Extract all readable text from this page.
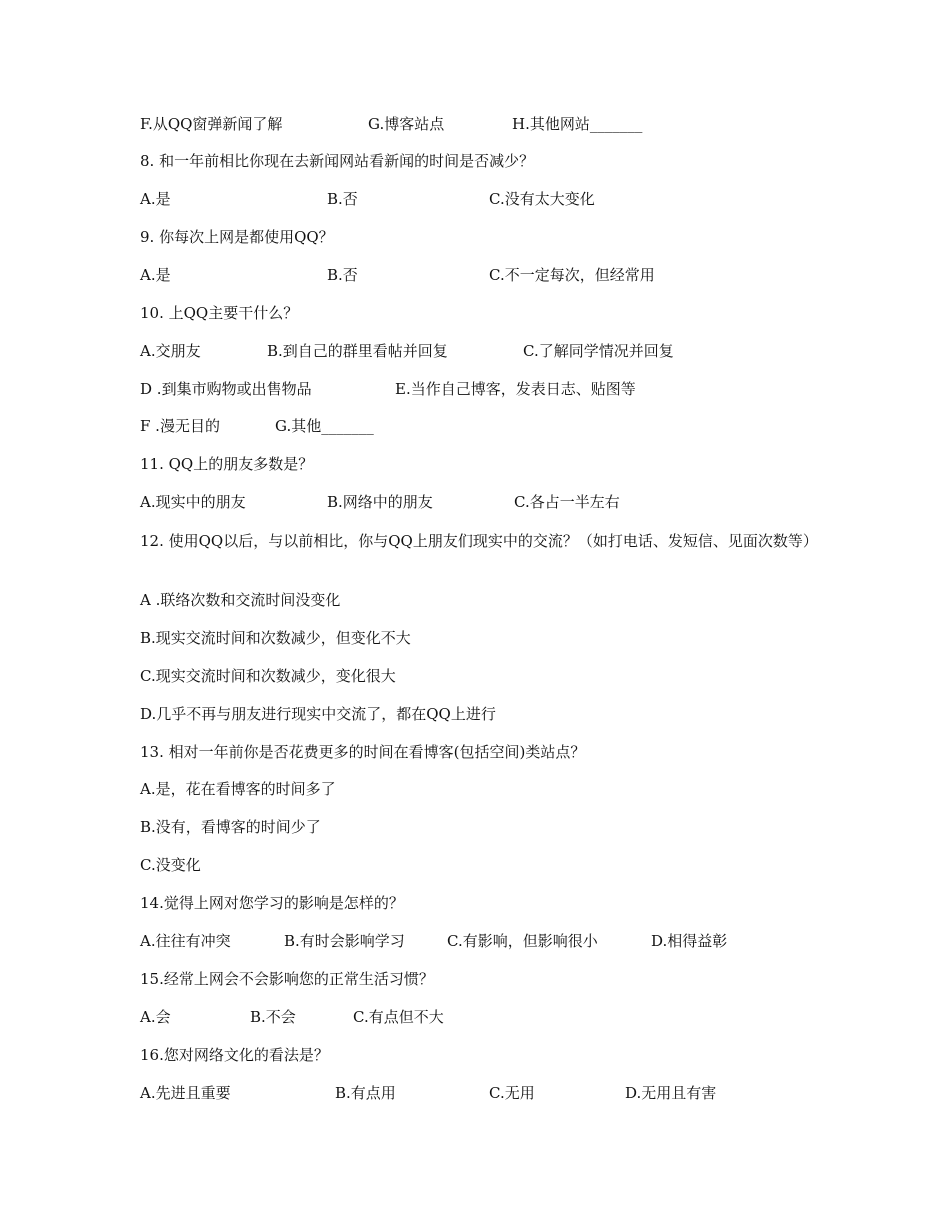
F.从QQ窗弹新闻了解	G.博客站点	H.其他网站_______
8. 和一年前相比你现在去新闻网站看新闻的时间是否减少？
A.是	B.否	C.没有太大变化
9. 你每次上网是都使用QQ？
A.是	B.否	C.不一定每次，但经常用
10. 上QQ主要干什么？
A.交朋友	B.到自己的群里看帖并回复	C.了解同学情况并回复
D .到集市购物或出售物品	E.当作自己博客，发表日志、贴图等
F .漫无目的	G.其他_______
11. QQ上的朋友多数是？
A.现实中的朋友	B.网络中的朋友	C.各占一半左右
12. 使用QQ以后，与以前相比，你与QQ上朋友们现实中的交流？（如打电话、发短信、见面次数等）
A .联络次数和交流时间没变化
B.现实交流时间和次数减少，但变化不大
C.现实交流时间和次数减少，变化很大
D.几乎不再与朋友进行现实中交流了，都在QQ上进行
13. 相对一年前你是否花费更多的时间在看博客(包括空间)类站点？
A.是，花在看博客的时间多了
B.没有，看博客的时间少了
C.没变化
14.觉得上网对您学习的影响是怎样的？
A.往往有冲突	B.有时会影响学习	C.有影响，但影响很小	D.相得益彰
15.经常上网会不会影响您的正常生活习惯？
A.会	B.不会	C.有点但不大
16.您对网络文化的看法是？
A.先进且重要	B.有点用	C.无用	D.无用且有害
